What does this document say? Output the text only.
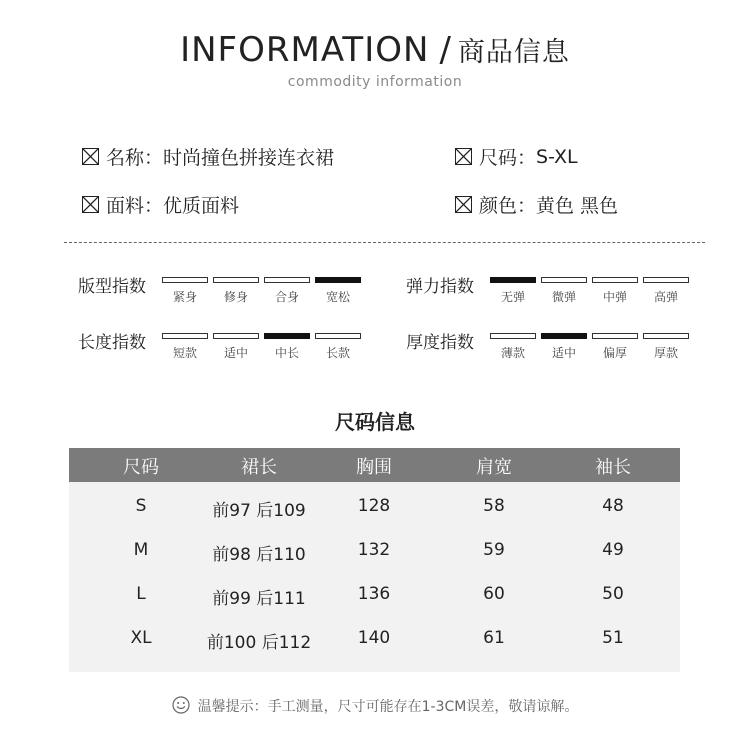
INFORMATION / 商品信息
commodity information
名称： 时尚撞色拼接连衣裙	尺码： S-XL
面料： 优质面料	颜色： 黄色 黑色
版型指数	紧身	修身	合身	宽松	弹力指数	无弹	微弹	中弹	高弹
长度指数	短款	适中	中长	长款	厚度指数	薄款	适中	偏厚	厚款
尺码信息
尺码	裙长	胸围	肩宽	袖长
S	前97 后109	128	58	48
M	前98 后110	132	59	49
L	前99 后111	136	60	50
XL	前100 后112	140	61	51
温馨提示：手工测量，尺寸可能存在1-3CM误差，敬请谅解。
